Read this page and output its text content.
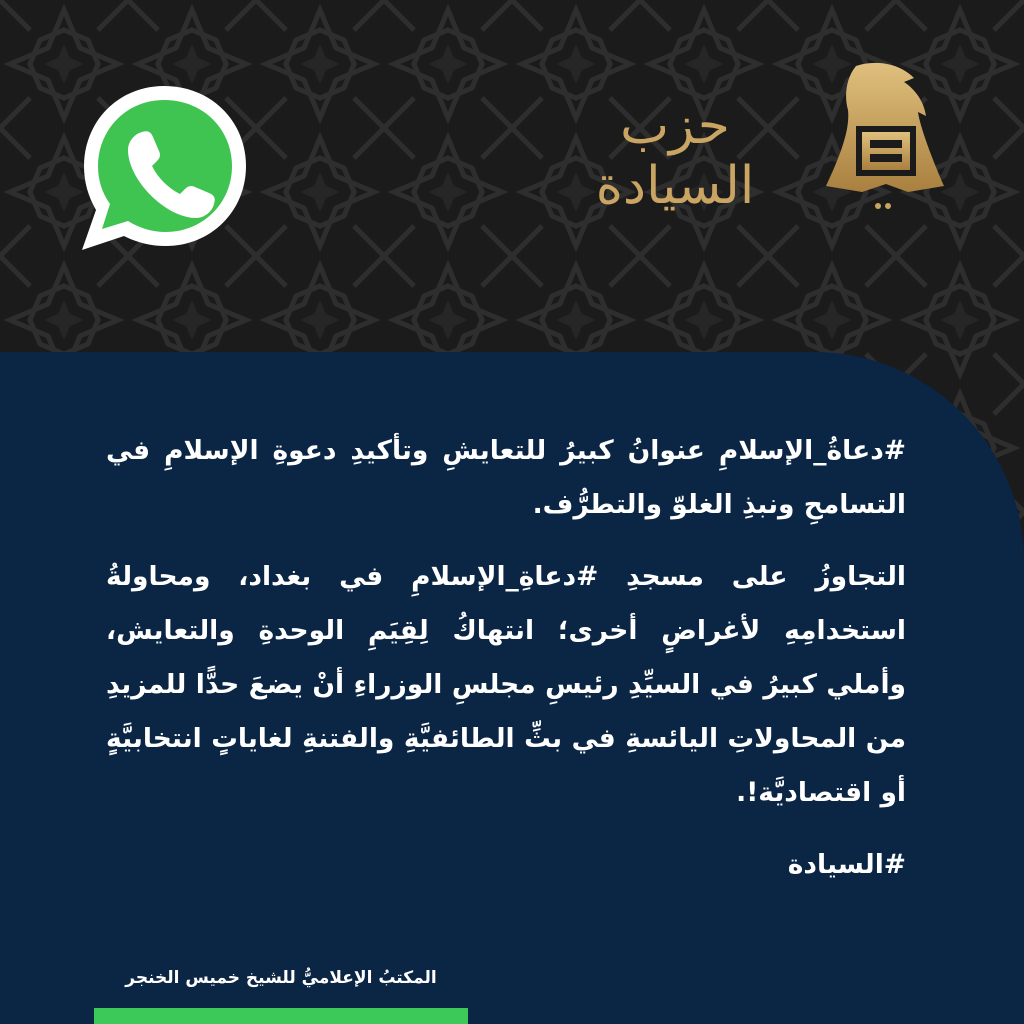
حزب السيادة

#دعاةُ_الإسلامِ عنوانُ كبيرُ للتعايشِ وتأكيدِ دعوةِ الإسلامِ في التسامحِ ونبذِ الغلوّ والتطرُّف.

التجاوزُ على مسجدِ #دعاةِ_الإسلامِ في بغداد، ومحاولةُ استخدامِهِ لأغراضٍ أخرى؛ انتهاكُ لِقِيَمِ الوحدةِ والتعايش، وأملي كبيرُ في السيِّدِ رئيسِ مجلسِ الوزراءِ أنْ يضعَ حدًّا للمزيدِ من المحاولاتِ اليائسةِ في بثِّ الطائفيَّةِ والفتنةِ لغاياتٍ انتخابيَّةٍ أو اقتصاديَّة!.

#السيادة

المكتبُ الإعلاميُّ للشيخ خميس الخنجر
